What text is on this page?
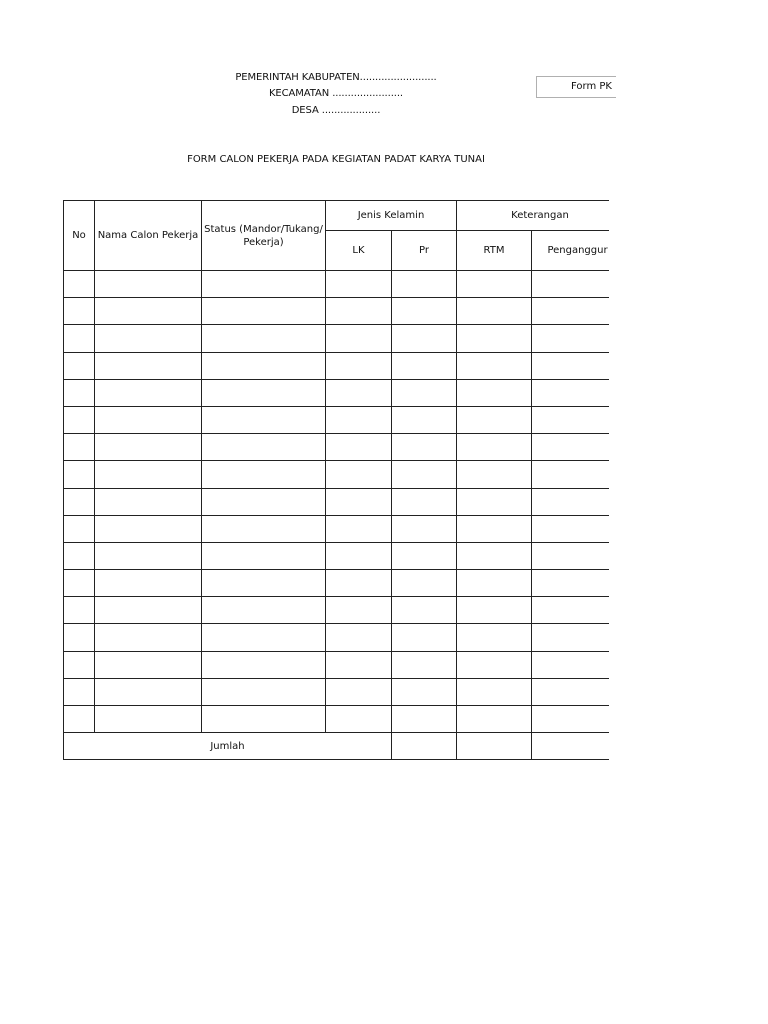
PEMERINTAH KABUPATEN.........................
KECAMATAN .......................
DESA ...................
Form PK
FORM CALON PEKERJA PADA KEGIATAN PADAT KARYA TUNAI
No	Nama Calon Pekerja	Status (Mandor/Tukang/ Pekerja)	Jenis Kelamin		Keterangan	
			LK	Pr	RTM	Penganggur

Jumlah						
